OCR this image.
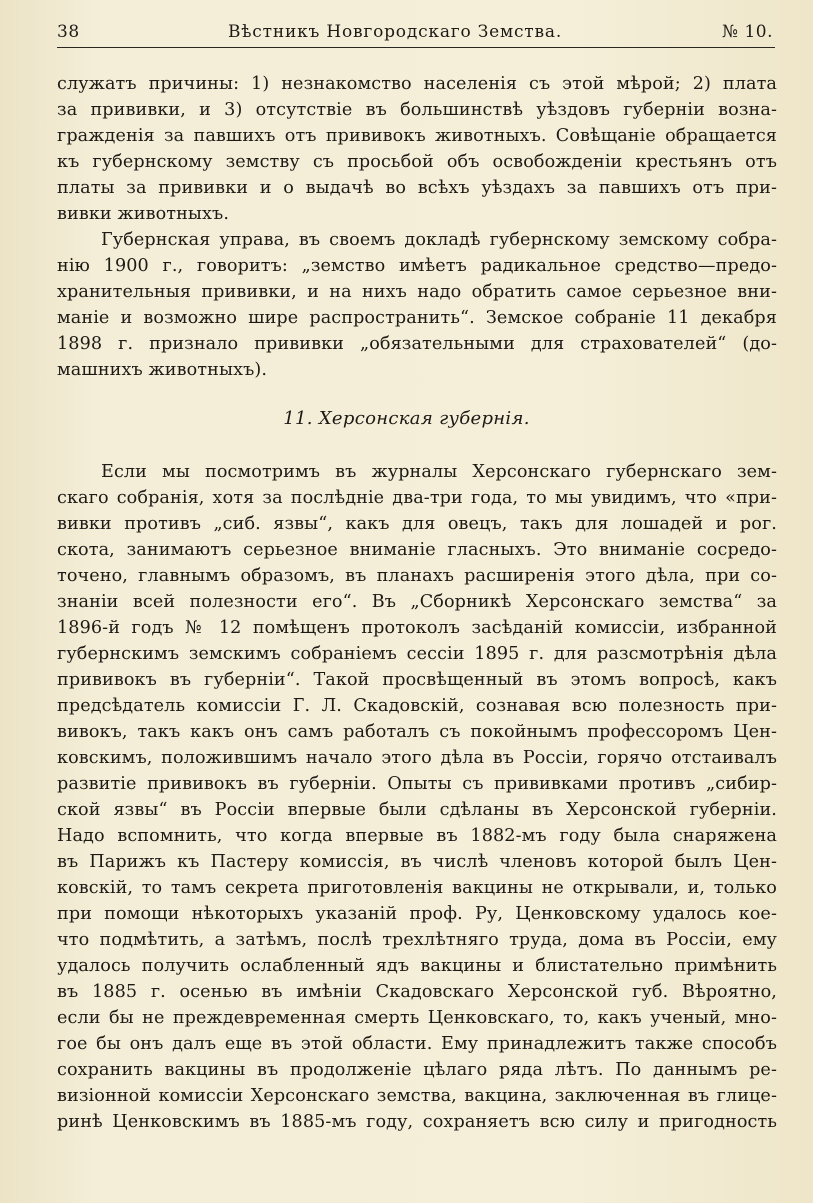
38	Вѣстникъ Новгородскаго Земства.	№ 10.
служатъ причины: 1) незнакомство населенія съ этой мѣрой; 2) плата
за прививки, и 3) отсутствіе въ большинствѣ уѣздовъ губерніи возна-
гражденія за павшихъ отъ прививокъ животныхъ. Совѣщаніе обращается
къ губернскому земству съ просьбой объ освобожденіи крестьянъ отъ
платы за прививки и о выдачѣ во всѣхъ уѣздахъ за павшихъ отъ при-
вивки животныхъ.
Губернская управа, въ своемъ докладѣ губернскому земскому собра-
нію 1900 г., говоритъ: „земство имѣетъ радикальное средство—предо-
хранительныя прививки, и на нихъ надо обратить самое серьезное вни-
маніе и возможно шире распространить“. Земское собраніе 11 декабря
1898 г. признало прививки „обязательными для страхователей“ (до-
машнихъ животныхъ).
11. Херсонская губернія.
Если мы посмотримъ въ журналы Херсонскаго губернскаго зем-
скаго собранія, хотя за послѣдніе два-три года, то мы увидимъ, что «при-
вивки противъ „сиб. язвы“, какъ для овецъ, такъ для лошадей и рог.
скота, занимаютъ серьезное вниманіе гласныхъ. Это вниманіе сосредо-
точено, главнымъ образомъ, въ планахъ расширенія этого дѣла, при со-
знаніи всей полезности его“. Въ „Сборникѣ Херсонскаго земства“ за
1896-й годъ № 12 помѣщенъ протоколъ засѣданій комиссіи, избранной
губернскимъ земскимъ собраніемъ сессіи 1895 г. для разсмотрѣнія дѣла
прививокъ въ губерніи“. Такой просвѣщенный въ этомъ вопросѣ, какъ
предсѣдатель комиссіи Г. Л. Скадовскій, сознавая всю полезность при-
вивокъ, такъ какъ онъ самъ работалъ съ покойнымъ профессоромъ Цен-
ковскимъ, положившимъ начало этого дѣла въ Россіи, горячо отстаивалъ
развитіе прививокъ въ губерніи. Опыты съ прививками противъ „сибир-
ской язвы“ въ Россіи впервые были сдѣланы въ Херсонской губерніи.
Надо вспомнить, что когда впервые въ 1882-мъ году была снаряжена
въ Парижъ къ Пастеру комиссія, въ числѣ членовъ которой былъ Цен-
ковскій, то тамъ секрета приготовленія вакцины не открывали, и, только
при помощи нѣкоторыхъ указаній проф. Ру, Ценковскому удалось кое-
что подмѣтить, а затѣмъ, послѣ трехлѣтняго труда, дома въ Россіи, ему
удалось получить ослабленный ядъ вакцины и блистательно примѣнить
въ 1885 г. осенью въ имѣніи Скадовскаго Херсонской губ. Вѣроятно,
если бы не преждевременная смерть Ценковскаго, то, какъ ученый, мно-
гое бы онъ далъ еще въ этой области. Ему принадлежитъ также способъ
сохранить вакцины въ продолженіе цѣлаго ряда лѣтъ. По даннымъ ре-
визіонной комиссіи Херсонскаго земства, вакцина, заключенная въ глице-
ринѣ Ценковскимъ въ 1885-мъ году, сохраняетъ всю силу и пригодность
